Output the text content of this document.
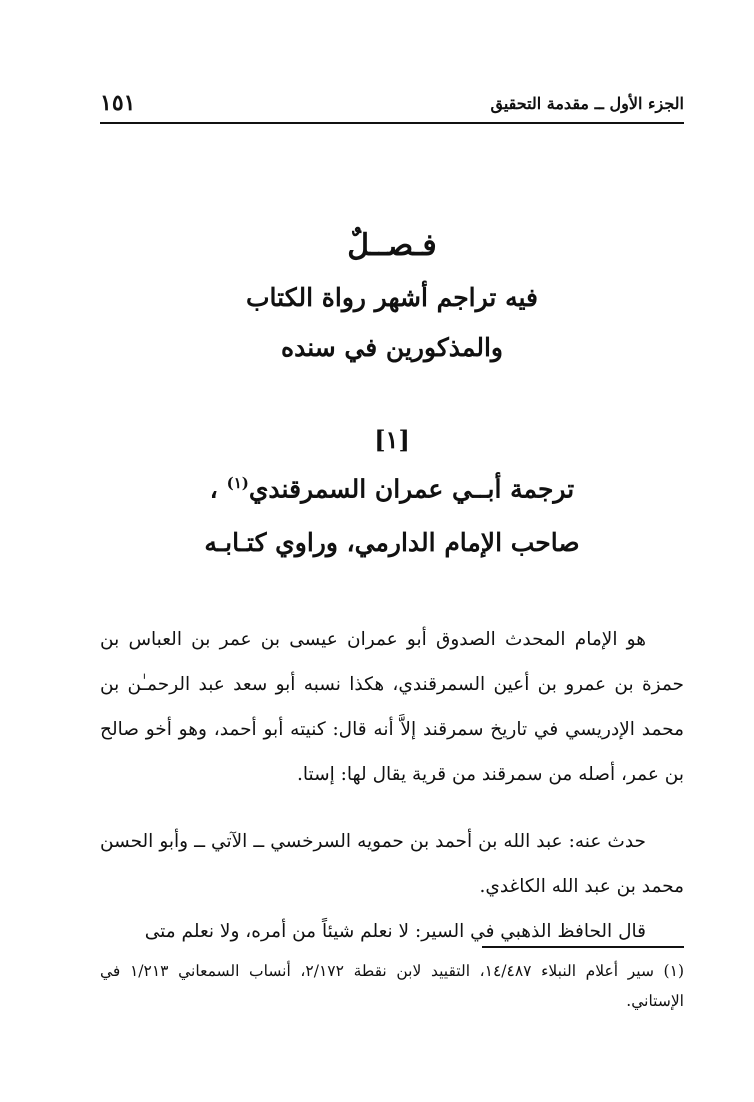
الجزء الأول ــ مقدمة التحقيق
١٥١
فـصــلٌ
فيه تراجم أشهر رواة الكتاب
والمذكورين في سنده
[١]
ترجمة أبــي عمران السمرقندي$^{(١)}$ ،
صاحب الإمام الدارمي، وراوي كتـابـه

هو الإمام المحدث الصدوق أبو عمران عيسى بن عمر بن العباس بن حمزة بن عمرو بن أعين السمرقندي، هكذا نسبه أبو سعد عبد الرحمـٰن بن محمد الإدريسي في تاريخ سمرقند إلاَّ أنه قال: كنيته أبو أحمد، وهو أخو صالح بن عمر، أصله من سمرقند من قرية يقال لها: إستا.

حدث عنه: عبد الله بن أحمد بن حمويه السرخسي ــ الآتي ــ وأبو الحسن محمد بن عبد الله الكاغدي.

قال الحافظ الذهبي في السير: لا نعلم شيئاً من أمره، ولا نعلم متى

(١) سير أعلام النبلاء ١٤/٤٨٧، التقييد لابن نقطة ٢/١٧٢، أنساب السمعاني ١/٢١٣ في الإستاني.
